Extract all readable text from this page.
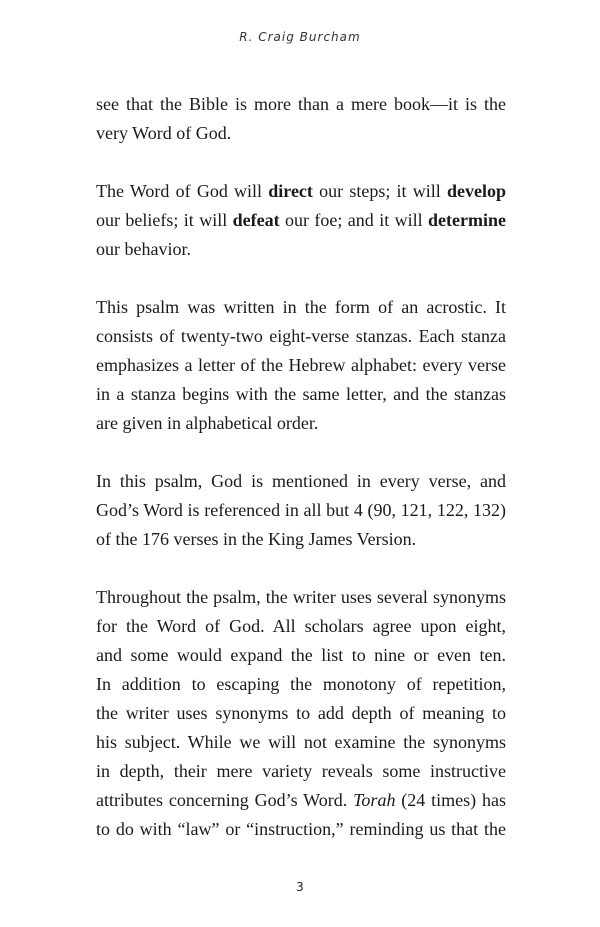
R. Craig Burcham

see that the Bible is more than a mere book—it is the
very Word of God.

The Word of God will direct our steps; it will develop
our beliefs; it will defeat our foe; and it will determine
our behavior.

This psalm was written in the form of an acrostic. It
consists of twenty-two eight-verse stanzas. Each stanza
emphasizes a letter of the Hebrew alphabet: every verse
in a stanza begins with the same letter, and the stanzas
are given in alphabetical order.

In this psalm, God is mentioned in every verse, and
God’s Word is referenced in all but 4 (90, 121, 122, 132)
of the 176 verses in the King James Version.

Throughout the psalm, the writer uses several synonyms
for the Word of God. All scholars agree upon eight,
and some would expand the list to nine or even ten.
In addition to escaping the monotony of repetition,
the writer uses synonyms to add depth of meaning to
his subject. While we will not examine the synonyms
in depth, their mere variety reveals some instructive
attributes concerning God’s Word. Torah (24 times) has
to do with “law” or “instruction,” reminding us that the

3
